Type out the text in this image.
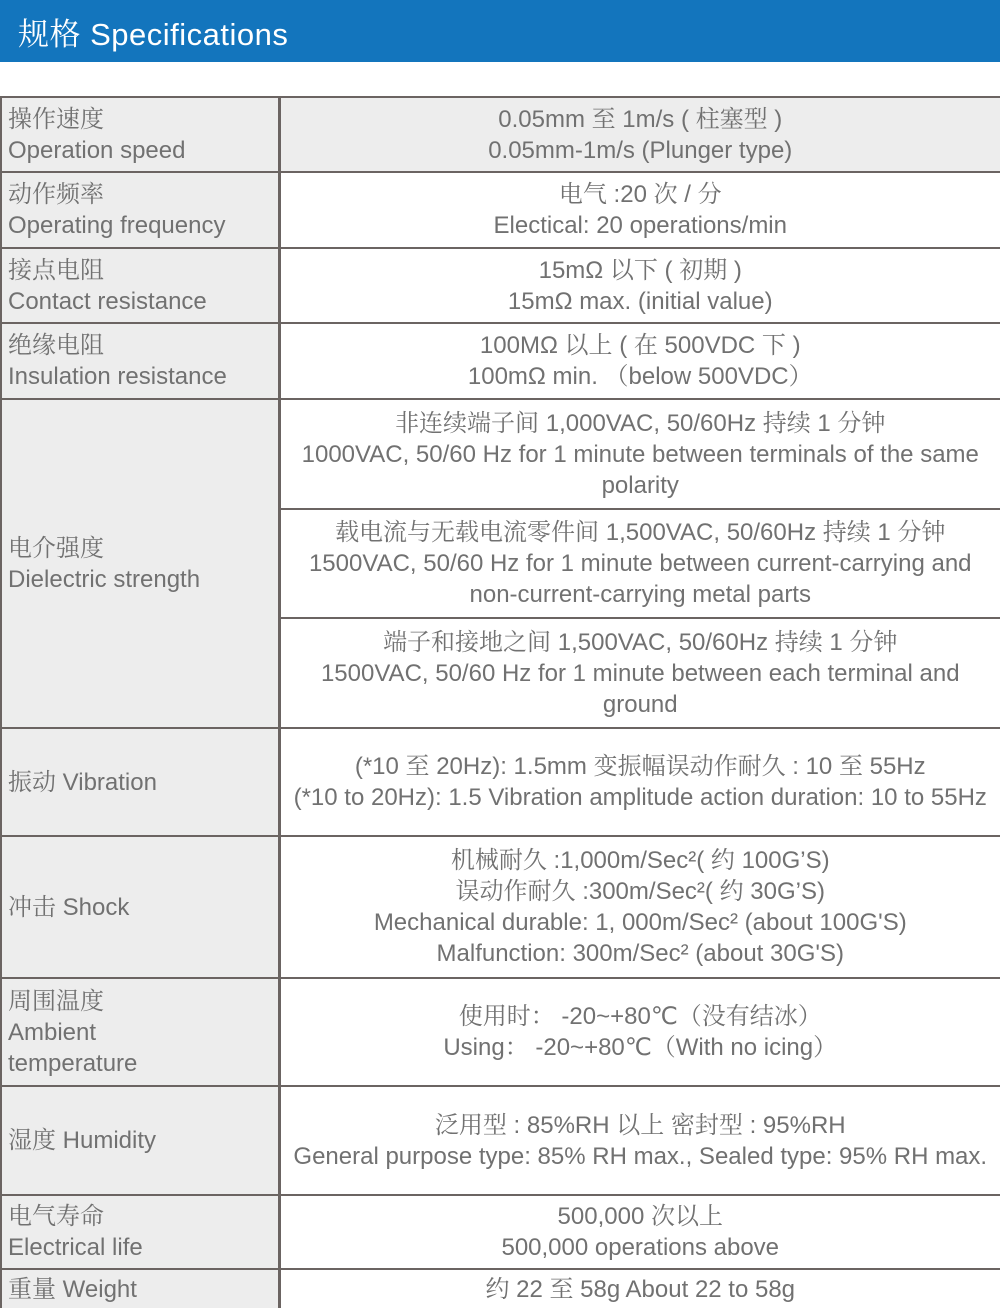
规格 Specifications
操作速度
Operation speed	0.05mm 至 1m/s ( 柱塞型 )
0.05mm-1m/s (Plunger type)

动作频率
Operating frequency	电气 :20 次 / 分
Electical: 20 operations/min

接点电阻
Contact resistance	15mΩ 以下 ( 初期 )
15mΩ max. (initial value)

绝缘电阻
Insulation resistance	100MΩ 以上 ( 在 500VDC 下 )
100mΩ min. （below 500VDC）

电介强度
Dielectric strength	非连续端子间 1,000VAC, 50/60Hz 持续 1 分钟
1000VAC, 50/60 Hz for 1 minute between terminals of the same polarity

	载电流与无载电流零件间 1,500VAC, 50/60Hz 持续 1 分钟
1500VAC, 50/60 Hz for 1 minute between current-carrying and non-current-carrying metal parts

	端子和接地之间 1,500VAC, 50/60Hz 持续 1 分钟
1500VAC, 50/60 Hz for 1 minute between each terminal and ground

振动 Vibration	(*10 至 20Hz): 1.5mm 变振幅误动作耐久 : 10 至 55Hz
(*10 to 20Hz): 1.5 Vibration amplitude action duration: 10 to 55Hz

冲击 Shock	机械耐久 :1,000m/Sec²( 约 100G’S)
误动作耐久 :300m/Sec²( 约 30G’S)
Mechanical durable: 1, 000m/Sec² (about 100G'S)
Malfunction: 300m/Sec² (about 30G'S)

周围温度
Ambient
temperature	使用时： -20~+80℃（没有结冰）
Using： -20~+80℃（With no icing）

湿度 Humidity	泛用型 : 85%RH 以上 密封型 : 95%RH
General purpose type: 85% RH max., Sealed type: 95% RH max.

电气寿命
Electrical life	500,000 次以上
500,000 operations above

重量 Weight	约 22 至 58g About 22 to 58g
